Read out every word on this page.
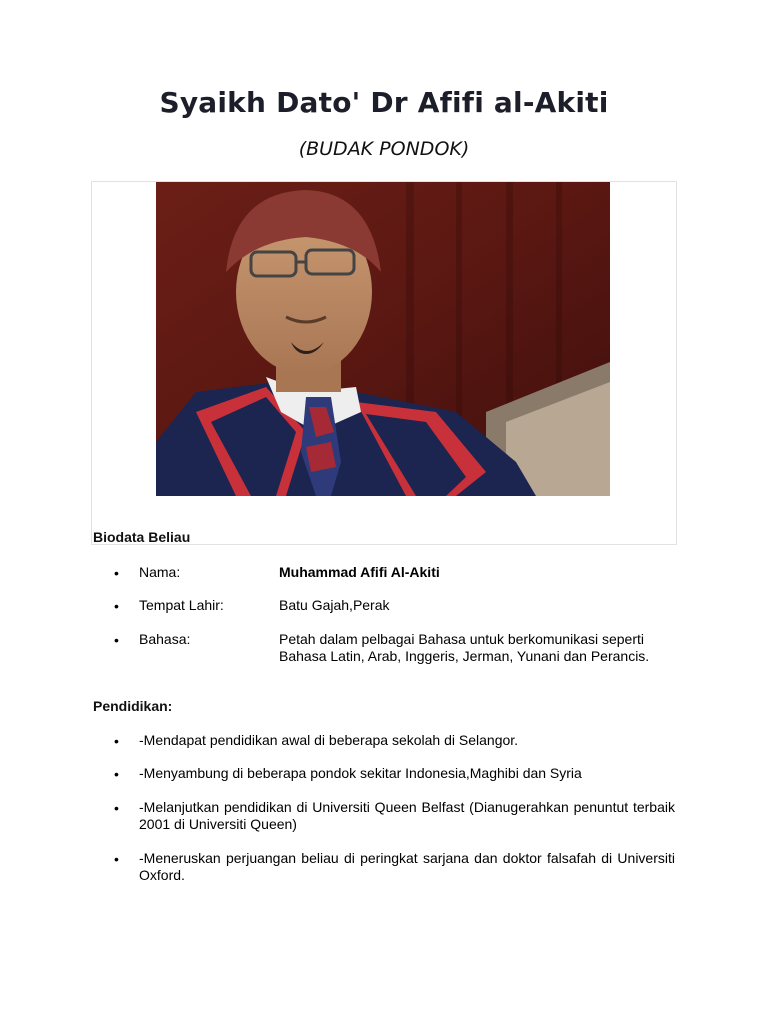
Syaikh Dato' Dr Afifi al-Akiti
(BUDAK PONDOK)
Biodata Beliau
• Nama:	Muhammad Afifi Al-Akiti
• Tempat Lahir:	Batu Gajah,Perak
• Bahasa:	Petah dalam pelbagai Bahasa untuk berkomunikasi seperti Bahasa Latin, Arab, Inggeris, Jerman, Yunani dan Perancis.
Pendidikan:
• -Mendapat pendidikan awal di beberapa sekolah di Selangor.
• -Menyambung di beberapa pondok sekitar Indonesia,Maghibi dan Syria
• -Melanjutkan pendidikan di Universiti Queen Belfast (Dianugerahkan penuntut terbaik 2001 di Universiti Queen)
• -Meneruskan perjuangan beliau di peringkat sarjana dan doktor falsafah di Universiti Oxford.
